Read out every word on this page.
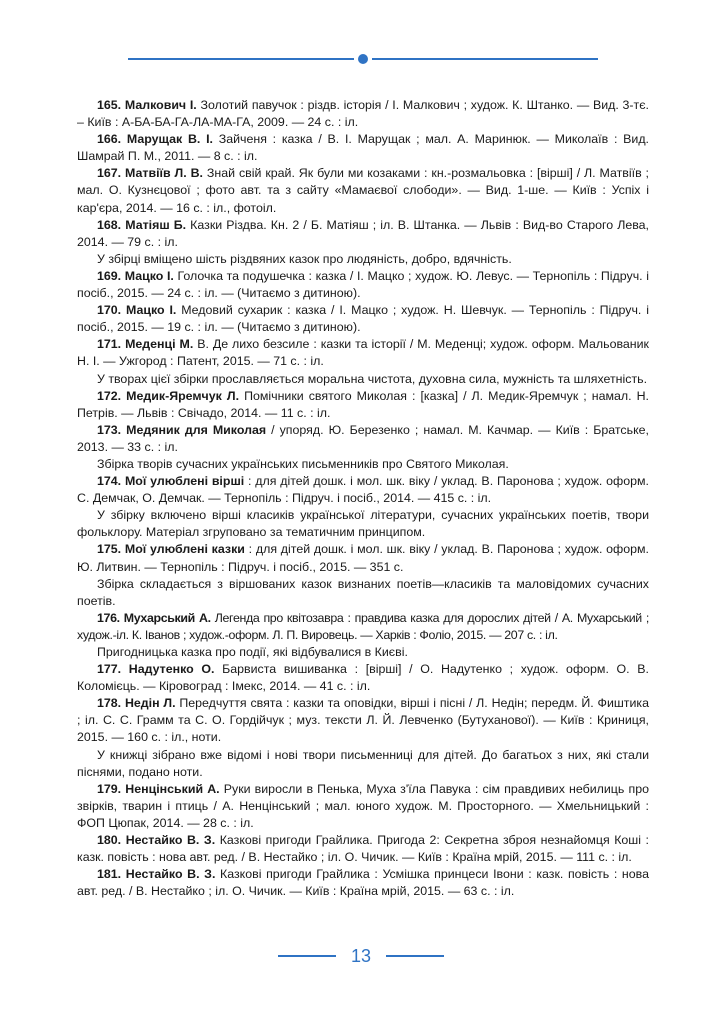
165. Малкович І. Золотий павучок : різдв. історія / І. Малкович ; худож. К. Штанко. — Вид. 3-тє. – Київ : А-БА-БА-ГА-ЛА-МА-ГА, 2009. — 24 с. : іл.

166. Марущак В. І. Зайченя : казка / В. І. Марущак ; мал. А. Маринюк. — Миколаїв : Вид. Шамрай П. М., 2011. — 8 с. : іл.

167. Матвіїв Л. В. Знай свій край. Як були ми козаками : кн.-розмальовка : [вірші] / Л. Матвіїв ; мал. О. Кузнєцової ; фото авт. та з сайту «Мамаєвої слободи». — Вид. 1-ше. — Київ : Успіх і кар'єра, 2014. — 16 с. : іл., фотоіл.

168. Матіяш Б. Казки Різдва. Кн. 2 / Б. Матіяш ; іл. В. Штанка. — Львів : Вид-во Старого Лева, 2014. — 79 с. : іл.

У збірці вміщено шість різдвяних казок про людяність, добро, вдячність.

169. Мацко І. Голочка та подушечка : казка / І. Мацко ; худож. Ю. Левус. — Тернопіль : Підруч. і посіб., 2015. — 24 с. : іл. — (Читаємо з дитиною).

170. Мацко І. Медовий сухарик : казка / І. Мацко ; худож. Н. Шевчук. — Тернопіль : Підруч. і посіб., 2015. — 19 с. : іл. — (Читаємо з дитиною).

171. Меденці М. В. Де лихо безсиле : казки та історії / М. Меденці; худож. оформ. Мальованик Н. І. — Ужгород : Патент, 2015. — 71 с. : іл.

У творах цієї збірки прославляється моральна чистота, духовна сила, мужність та шляхетність.

172. Медик-Яремчук Л. Помічники святого Миколая : [казка] / Л. Медик-Яремчук ; намал. Н. Петрів. — Львів : Свічадо, 2014. — 11 с. : іл.

173. Медяник для Миколая / упоряд. Ю. Березенко ; намал. М. Качмар. — Київ : Братське, 2013. — 33 с. : іл.

Збірка творів сучасних українських письменників про Святого Миколая.

174. Мої улюблені вірші : для дітей дошк. і мол. шк. віку / уклад. В. Паронова ; худож. оформ. С. Демчак, О. Демчак. — Тернопіль : Підруч. і посіб., 2014. — 415 с. : іл.

У збірку включено вірші класиків української літератури, сучасних українських поетів, твори фольклору. Матеріал згруповано за тематичним принципом.

175. Мої улюблені казки : для дітей дошк. і мол. шк. віку / уклад. В. Паронова ; худож. оформ. Ю. Литвин. — Тернопіль : Підруч. і посіб., 2015. — 351 с.

Збірка складається з віршованих казок визнаних поетів—класиків та маловідомих сучасних поетів.

176. Мухарський А. Легенда про квітозавра : правдива казка для дорослих дітей / А. Мухарський ; худож.-іл. К. Іванов ; худож.-оформ. Л. П. Вировець. — Харків : Фоліо, 2015. — 207 с. : іл.

Пригодницька казка про події, які відбувалися в Києві.

177. Надутенко О. Барвиста вишиванка : [вірші] / О. Надутенко ; худож. оформ. О. В. Коломієць. — Кіровоград : Імекс, 2014. — 41 с. : іл.

178. Недін Л. Передчуття свята : казки та оповідки, вірші і пісні / Л. Недін; передм. Й. Фиштика ; іл. С. С. Грамм та С. О. Гордійчук ; муз. тексти Л. Й. Левченко (Бутуханової). — Київ : Криниця, 2015. — 160 с. : іл., ноти.

У книжці зібрано вже відомі і нові твори письменниці для дітей. До багатьох з них, які стали піснями, подано ноти.

179. Ненцінський А. Руки виросли в Пенька, Муха з'їла Павука : сім правдивих небилиць про звірків, тварин і птиць / А. Ненцінський ; мал. юного худож. М. Просторного. — Хмельницький : ФОП Цюпак, 2014. — 28 с. : іл.

180. Нестайко В. З. Казкові пригоди Грайлика. Пригода 2: Секретна зброя незнайомця Коші : казк. повість : нова авт. ред. / В. Нестайко ; іл. О. Чичик. — Київ : Країна мрій, 2015. — 111 с. : іл.

181. Нестайко В. З. Казкові пригоди Грайлика : Усмішка принцеси Івони : казк. повість : нова авт. ред. / В. Нестайко ; іл. О. Чичик. — Київ : Країна мрій, 2015. — 63 с. : іл.

13
